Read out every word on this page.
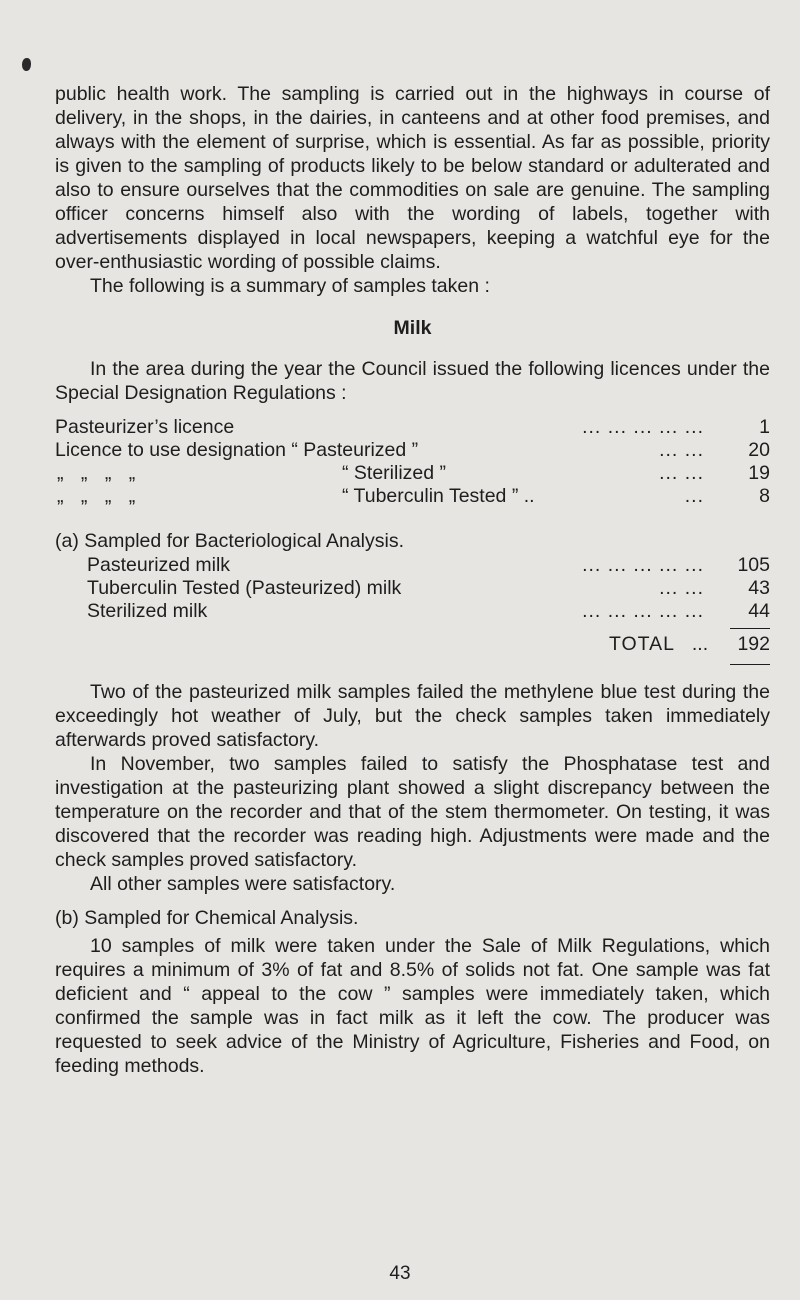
public health work. The sampling is carried out in the highways in course of delivery, in the shops, in the dairies, in canteens and at other food premises, and always with the element of surprise, which is essential. As far as possible, priority is given to the sampling of products likely to be below standard or adulterated and also to ensure ourselves that the commodities on sale are genuine. The sampling officer concerns himself also with the wording of labels, together with advertisements displayed in local newspapers, keeping a watchful eye for the over-enthusiastic wording of possible claims.

The following is a summary of samples taken :

Milk

In the area during the year the Council issued the following licences under the Special Designation Regulations :

Pasteurizer’s licence	... ... ... ... ...	1
Licence to use designation “ Pasteurized ”	... ...	20
„ „ „ „	“ Sterilized ”	... ...	19
„ „ „ „	“ Tuberculin Tested ” ..	...	8
(a) Sampled for Bacteriological Analysis.
Pasteurized milk	... ... ... ... ...	105
Tuberculin Tested (Pasteurized) milk	... ...	43
Sterilized milk	... ... ... ... ...	44
TOTAL ...	192

Two of the pasteurized milk samples failed the methylene blue test during the exceedingly hot weather of July, but the check samples taken immediately afterwards proved satisfactory.

In November, two samples failed to satisfy the Phosphatase test and investigation at the pasteurizing plant showed a slight discrepancy between the temperature on the recorder and that of the stem thermometer. On testing, it was discovered that the recorder was reading high. Adjustments were made and the check samples proved satisfactory.

All other samples were satisfactory.

(b) Sampled for Chemical Analysis.

10 samples of milk were taken under the Sale of Milk Regulations, which requires a minimum of 3% of fat and 8.5% of solids not fat. One sample was fat deficient and “ appeal to the cow ” samples were immediately taken, which confirmed the sample was in fact milk as it left the cow. The producer was requested to seek advice of the Ministry of Agriculture, Fisheries and Food, on feeding methods.

43
